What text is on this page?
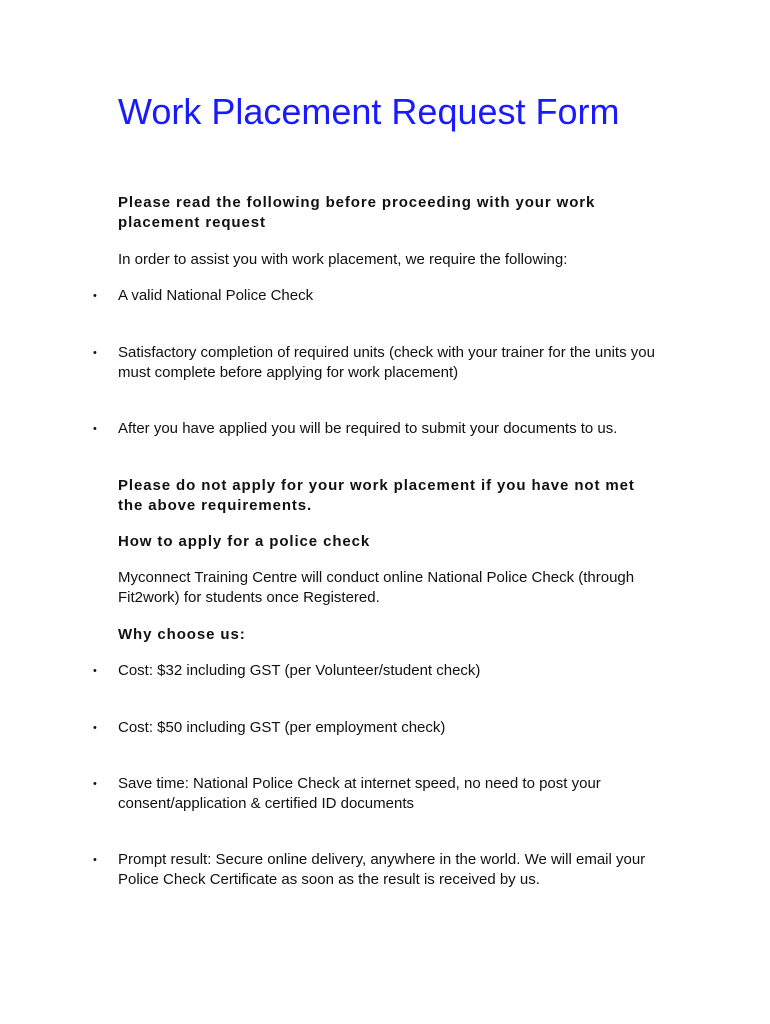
Work Placement Request Form

Please read the following before proceeding with your work placement request

In order to assist you with work placement, we require the following:

• A valid National Police Check
• Satisfactory completion of required units (check with your trainer for the units you must complete before applying for work placement)
• After you have applied you will be required to submit your documents to us.

Please do not apply for your work placement if you have not met the above requirements.

How to apply for a police check

Myconnect Training Centre will conduct online National Police Check (through Fit2work) for students once Registered.

Why choose us:

• Cost: $32 including GST (per Volunteer/student check)
• Cost: $50 including GST (per employment check)
• Save time: National Police Check at internet speed, no need to post your consent/application & certified ID documents
• Prompt result: Secure online delivery, anywhere in the world. We will email your Police Check Certificate as soon as the result is received by us.
